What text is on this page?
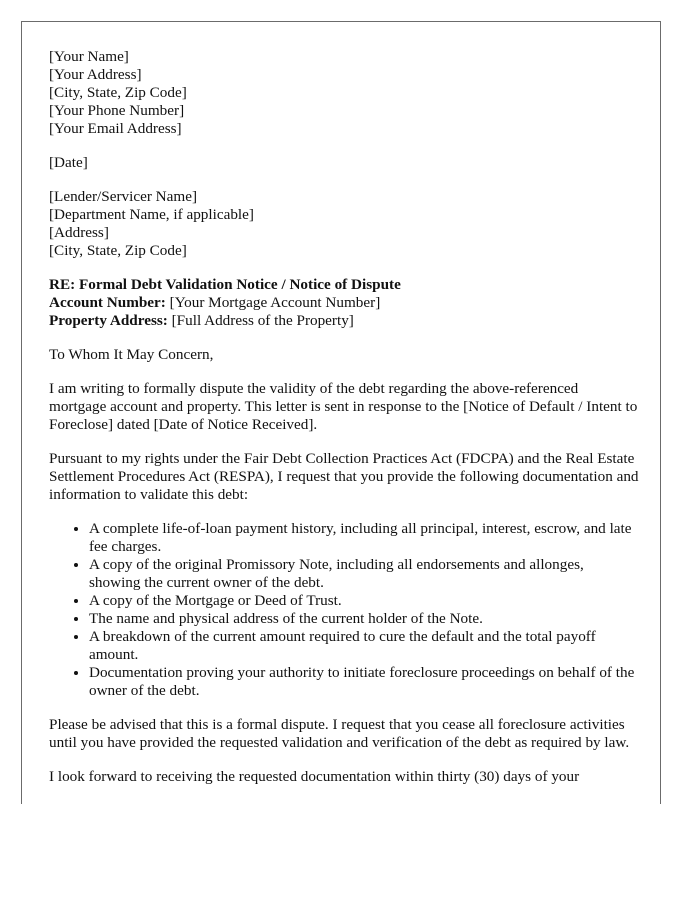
[Your Name]
[Your Address]
[City, State, Zip Code]
[Your Phone Number]
[Your Email Address]
[Date]
[Lender/Servicer Name]
[Department Name, if applicable]
[Address]
[City, State, Zip Code]
RE: Formal Debt Validation Notice / Notice of Dispute
Account Number: [Your Mortgage Account Number]
Property Address: [Full Address of the Property]

To Whom It May Concern,

I am writing to formally dispute the validity of the debt regarding the above-referenced mortgage account and property. This letter is sent in response to the [Notice of Default / Intent to Foreclose] dated [Date of Notice Received].

Pursuant to my rights under the Fair Debt Collection Practices Act (FDCPA) and the Real Estate Settlement Procedures Act (RESPA), I request that you provide the following documentation and information to validate this debt:

• A complete life-of-loan payment history, including all principal, interest, escrow, and late fee charges.
• A copy of the original Promissory Note, including all endorsements and allonges, showing the current owner of the debt.
• A copy of the Mortgage or Deed of Trust.
• The name and physical address of the current holder of the Note.
• A breakdown of the current amount required to cure the default and the total payoff amount.
• Documentation proving your authority to initiate foreclosure proceedings on behalf of the owner of the debt.

Please be advised that this is a formal dispute. I request that you cease all foreclosure activities until you have provided the requested validation and verification of the debt as required by law.

I look forward to receiving the requested documentation within thirty (30) days of your
